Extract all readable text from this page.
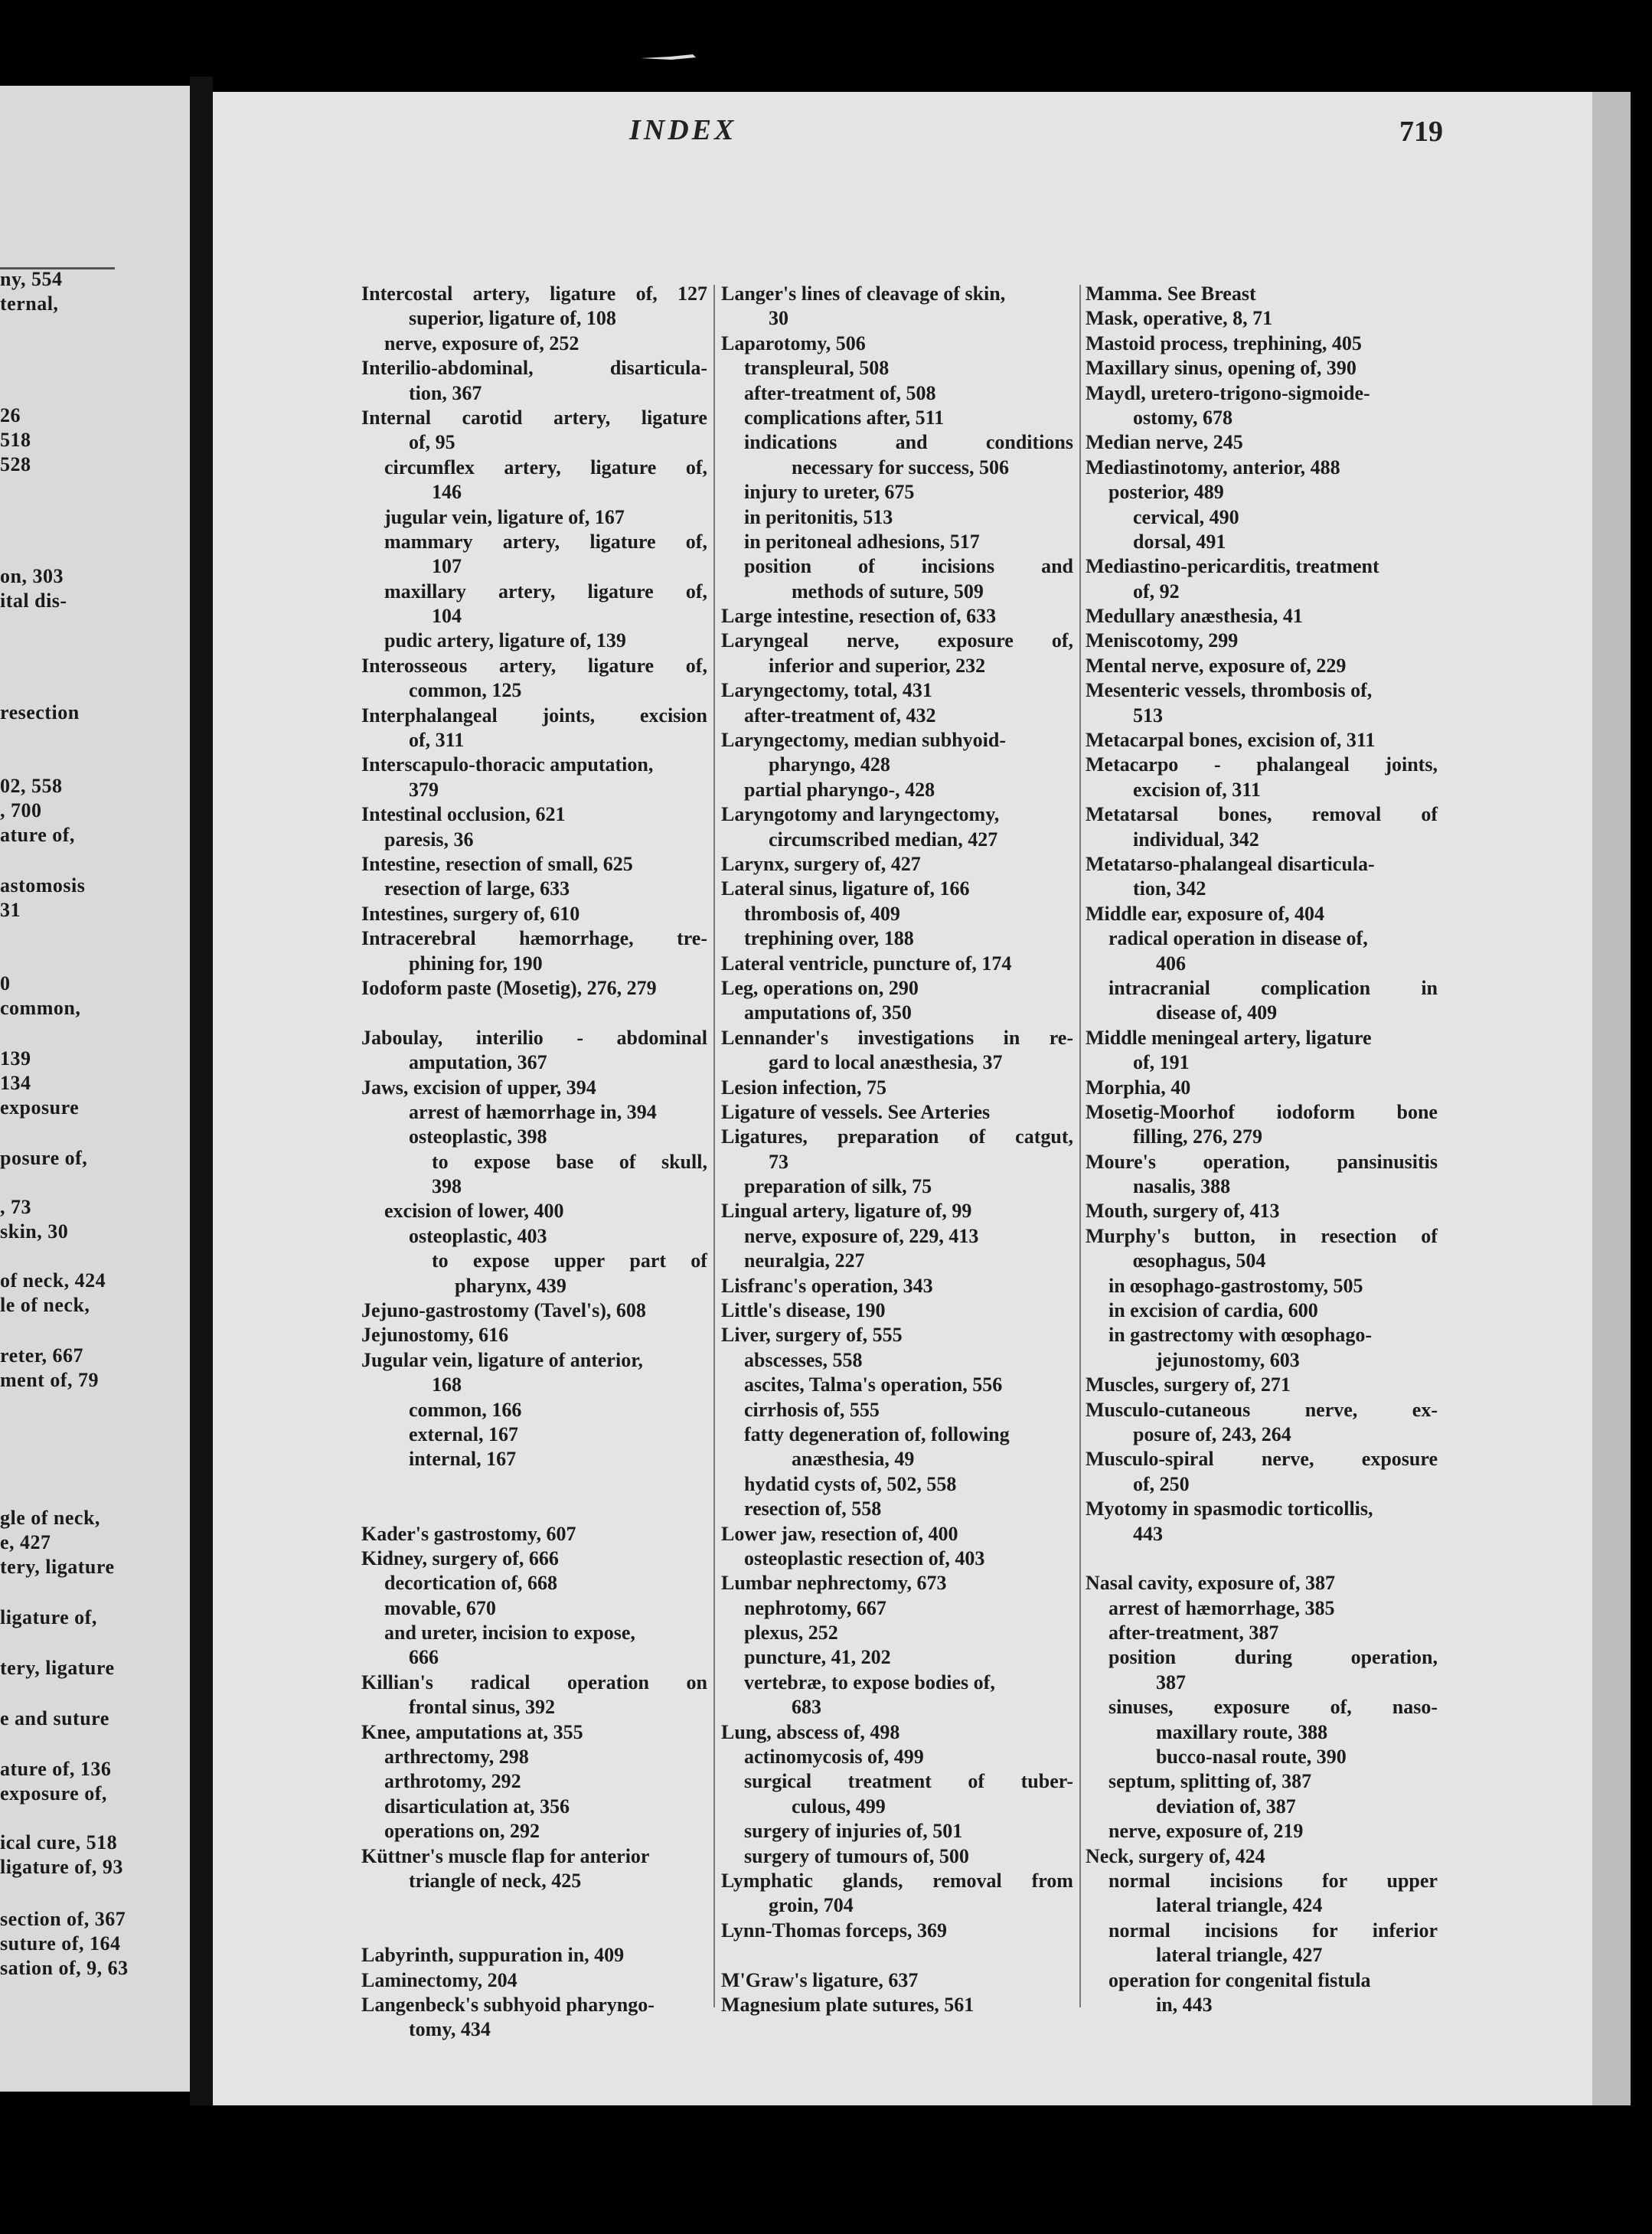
ny, 554
ternal,
26
518
528
on, 303
ital dis-
resection
02, 558
, 700
ature of,
astomosis
31
0
common,
139
134
exposure
posure of,
, 73
skin, 30
of neck, 424
le of neck,
reter, 667
ment of, 79
gle of neck,
e, 427
tery, ligature
ligature of,
tery, ligature
e and suture
ature of, 136
exposure of,
ical cure, 518
ligature of, 93
section of, 367
suture of, 164
sation of, 9, 63
INDEX	719
Intercostal artery, ligature of, 127
superior, ligature of, 108
nerve, exposure of, 252
Interilio-abdominal,	disarticula-
tion, 367
Internal carotid artery, ligature
of, 95
circumflex artery, ligature of,
146
jugular vein, ligature of, 167
mammary artery, ligature of,
107
maxillary artery, ligature of,
104
pudic artery, ligature of, 139
Interosseous artery, ligature of,
common, 125
Interphalangeal joints, excision
of, 311
Interscapulo-thoracic amputation,
379
Intestinal occlusion, 621
paresis, 36
Intestine, resection of small, 625
resection of large, 633
Intestines, surgery of, 610
Intracerebral hæmorrhage, tre-
phining for, 190
Iodoform paste (Mosetig), 276, 279
Jaboulay, interilio - abdominal
amputation, 367
Jaws, excision of upper, 394
arrest of hæmorrhage in, 394
osteoplastic, 398
to expose base of skull,
398
excision of lower, 400
osteoplastic, 403
to expose upper part of
pharynx, 439
Jejuno-gastrostomy (Tavel's), 608
Jejunostomy, 616
Jugular vein, ligature of anterior,
168
common, 166
external, 167
internal, 167
Kader's gastrostomy, 607
Kidney, surgery of, 666
decortication of, 668
movable, 670
and ureter, incision to expose,
666
Killian's radical operation on
frontal sinus, 392
Knee, amputations at, 355
arthrectomy, 298
arthrotomy, 292
disarticulation at, 356
operations on, 292
Küttner's muscle flap for anterior
triangle of neck, 425
Labyrinth, suppuration in, 409
Laminectomy, 204
Langenbeck's subhyoid pharyngo-
tomy, 434
Langer's lines of cleavage of skin,
30
Laparotomy, 506
transpleural, 508
after-treatment of, 508
complications after, 511
indications	and	conditions
necessary for success, 506
injury to ureter, 675
in peritonitis, 513
in peritoneal adhesions, 517
position of incisions and
methods of suture, 509
Large intestine, resection of, 633
Laryngeal nerve, exposure of,
inferior and superior, 232
Laryngectomy, total, 431
after-treatment of, 432
Laryngectomy, median subhyoid-
pharyngo, 428
partial pharyngo-, 428
Laryngotomy and laryngectomy,
circumscribed median, 427
Larynx, surgery of, 427
Lateral sinus, ligature of, 166
thrombosis of, 409
trephining over, 188
Lateral ventricle, puncture of, 174
Leg, operations on, 290
amputations of, 350
Lennander's investigations in re-
gard to local anæsthesia, 37
Lesion infection, 75
Ligature of vessels. See Arteries
Ligatures, preparation of catgut,
73
preparation of silk, 75
Lingual artery, ligature of, 99
nerve, exposure of, 229, 413
neuralgia, 227
Lisfranc's operation, 343
Little's disease, 190
Liver, surgery of, 555
abscesses, 558
ascites, Talma's operation, 556
cirrhosis of, 555
fatty degeneration of, following
anæsthesia, 49
hydatid cysts of, 502, 558
resection of, 558
Lower jaw, resection of, 400
osteoplastic resection of, 403
Lumbar nephrectomy, 673
nephrotomy, 667
plexus, 252
puncture, 41, 202
vertebræ, to expose bodies of,
683
Lung, abscess of, 498
actinomycosis of, 499
surgical treatment of tuber-
culous, 499
surgery of injuries of, 501
surgery of tumours of, 500
Lymphatic glands, removal from
groin, 704
Lynn-Thomas forceps, 369
M'Graw's ligature, 637
Magnesium plate sutures, 561
Mamma. See Breast
Mask, operative, 8, 71
Mastoid process, trephining, 405
Maxillary sinus, opening of, 390
Maydl, uretero-trigono-sigmoide-
ostomy, 678
Median nerve, 245
Mediastinotomy, anterior, 488
posterior, 489
cervical, 490
dorsal, 491
Mediastino-pericarditis, treatment
of, 92
Medullary anæsthesia, 41
Meniscotomy, 299
Mental nerve, exposure of, 229
Mesenteric vessels, thrombosis of,
513
Metacarpal bones, excision of, 311
Metacarpo - phalangeal joints,
excision of, 311
Metatarsal bones, removal of
individual, 342
Metatarso-phalangeal disarticula-
tion, 342
Middle ear, exposure of, 404
radical operation in disease of,
406
intracranial	complication	in
disease of, 409
Middle meningeal artery, ligature
of, 191
Morphia, 40
Mosetig-Moorhof iodoform bone
filling, 276, 279
Moure's operation, pansinusitis
nasalis, 388
Mouth, surgery of, 413
Murphy's button, in resection of
œsophagus, 504
in œsophago-gastrostomy, 505
in excision of cardia, 600
in gastrectomy with œsophago-
jejunostomy, 603
Muscles, surgery of, 271
Musculo-cutaneous	nerve,	ex-
posure of, 243, 264
Musculo-spiral nerve, exposure
of, 250
Myotomy in spasmodic torticollis,
443
Nasal cavity, exposure of, 387
arrest of hæmorrhage, 385
after-treatment, 387
position	during	operation,
387
sinuses, exposure of, naso-
maxillary route, 388
bucco-nasal route, 390
septum, splitting of, 387
deviation of, 387
nerve, exposure of, 219
Neck, surgery of, 424
normal incisions for upper
lateral triangle, 424
normal incisions for inferior
lateral triangle, 427
operation for congenital fistula
in, 443
